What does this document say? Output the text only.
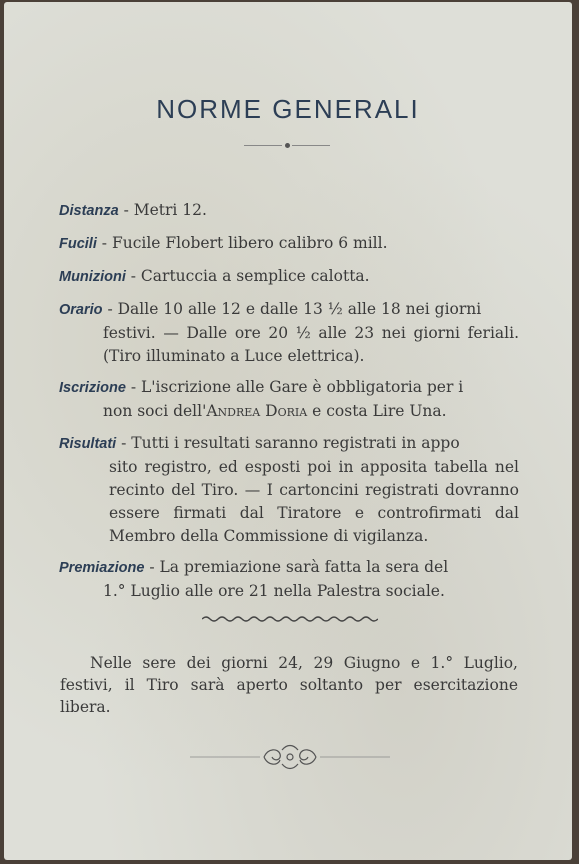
NORME GENERALI
Distanza - Metri 12.
Fucili - Fucile Flobert libero calibro 6 mill.
Munizioni - Cartuccia a semplice calotta.
Orario - Dalle 10 alle 12 e dalle 13 ½ alle 18 nei giorni
festivi. — Dalle ore 20 ½ alle 23 nei giorni feriali. (Tiro illuminato a Luce elettrica).
Iscrizione - L'iscrizione alle Gare è obbligatoria per i
non soci dell'Andrea Doria e costa Lire Una.
Risultati - Tutti i resultati saranno registrati in appo
sito registro, ed esposti poi in apposita tabella nel recinto del Tiro. — I cartoncini registrati dovranno essere firmati dal Tiratore e controfirmati dal Membro della Commissione di vigilanza.
Premiazione - La premiazione sarà fatta la sera del
1.° Luglio alle ore 21 nella Palestra sociale.
Nelle sere dei giorni 24, 29 Giugno e 1.° Luglio, festivi, il Tiro sarà aperto soltanto per esercitazione libera.
